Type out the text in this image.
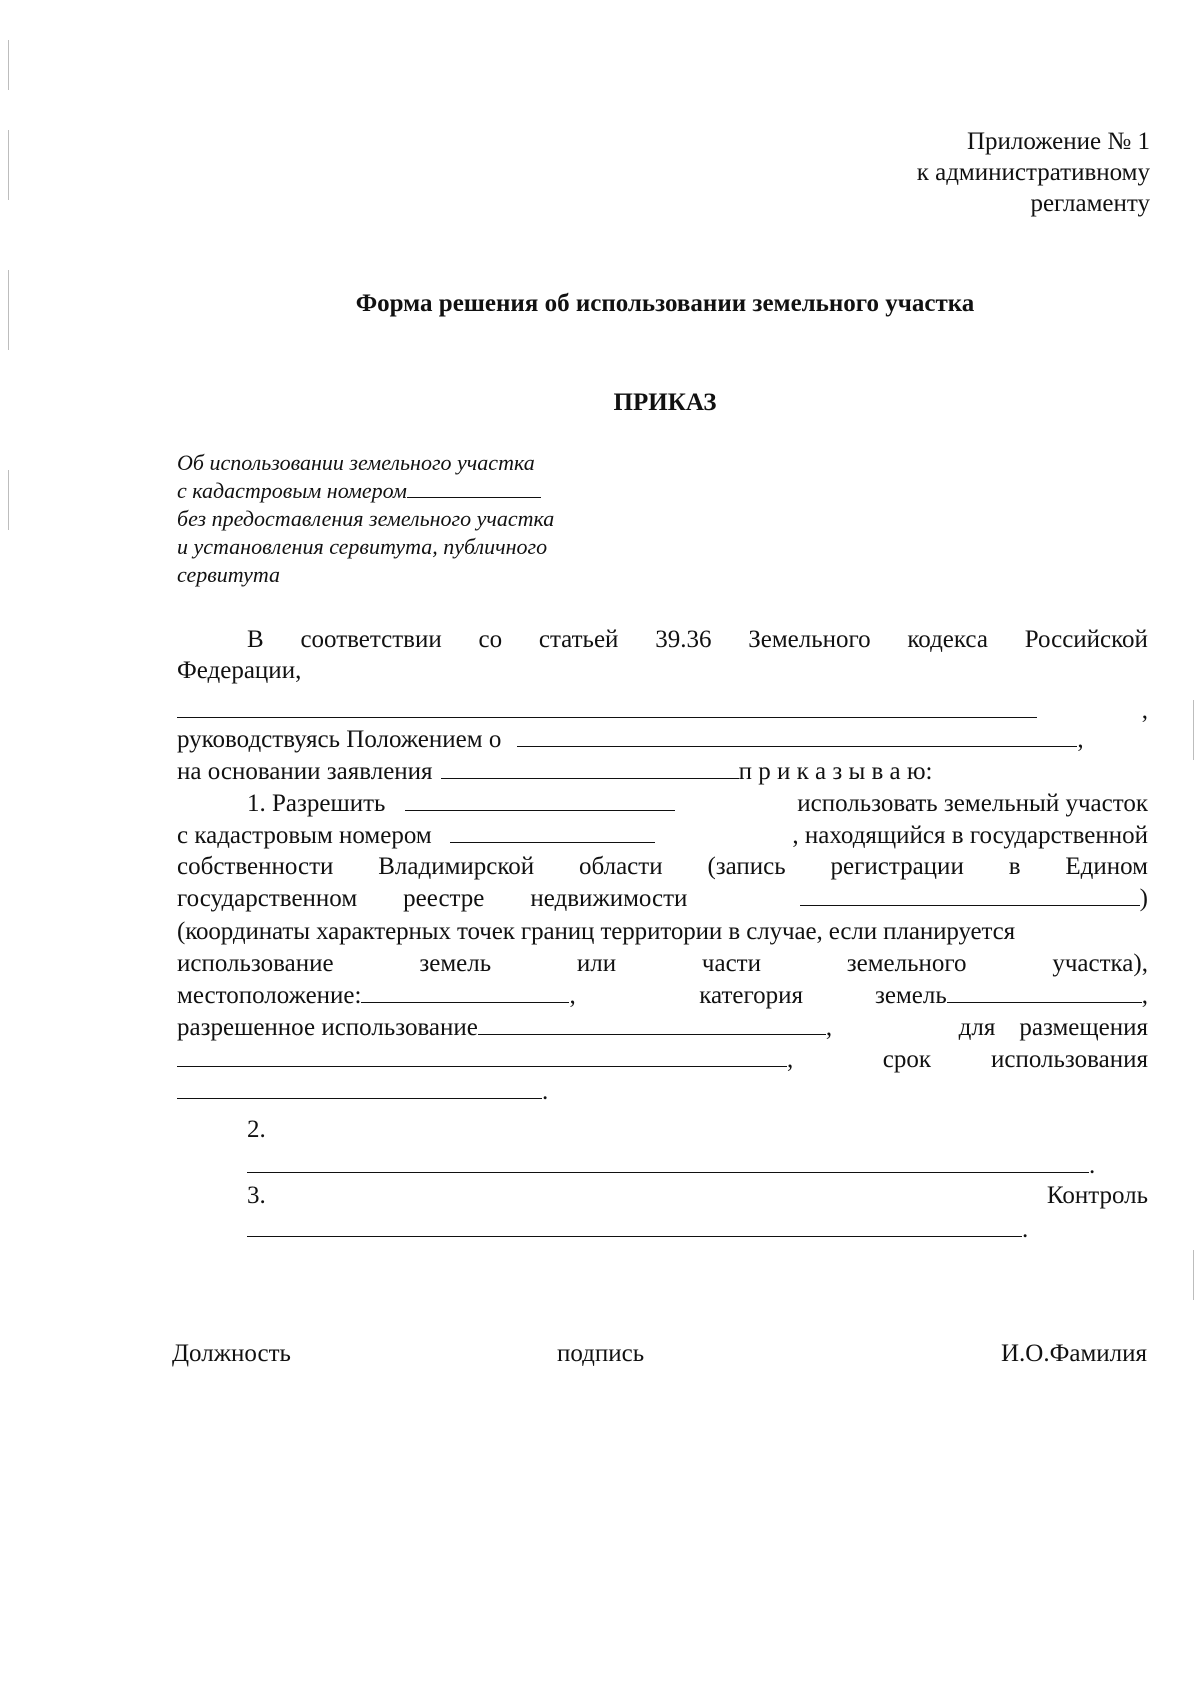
Приложение № 1
к административному
регламенту
Форма решения об использовании земельного участка
ПРИКАЗ
Об использовании земельного участка
с кадастровым номером
без предоставления земельного участка
и установления сервитута, публичного
сервитута
В соответствии со статьей 39.36 Земельного кодекса Российской
Федерации,
,
руководствуясь Положением о	,
на основании заявления	п р и к а з ы в а ю:
1. Разрешить	использовать земельный участок
с кадастровым номером	, находящийся в государственной
собственности Владимирской области (запись регистрации в Едином
государственном реестре недвижимости	)
(координаты характерных точек границ территории в случае, если планируется
использование	земель	или	части	земельного	участка),
местоположение:	,	категория	земель	,
разрешенное использование	,	для размещения
,	срок использования
.
2.
.
3.	Контроль
.
Должность	подпись	И.О.Фамилия
